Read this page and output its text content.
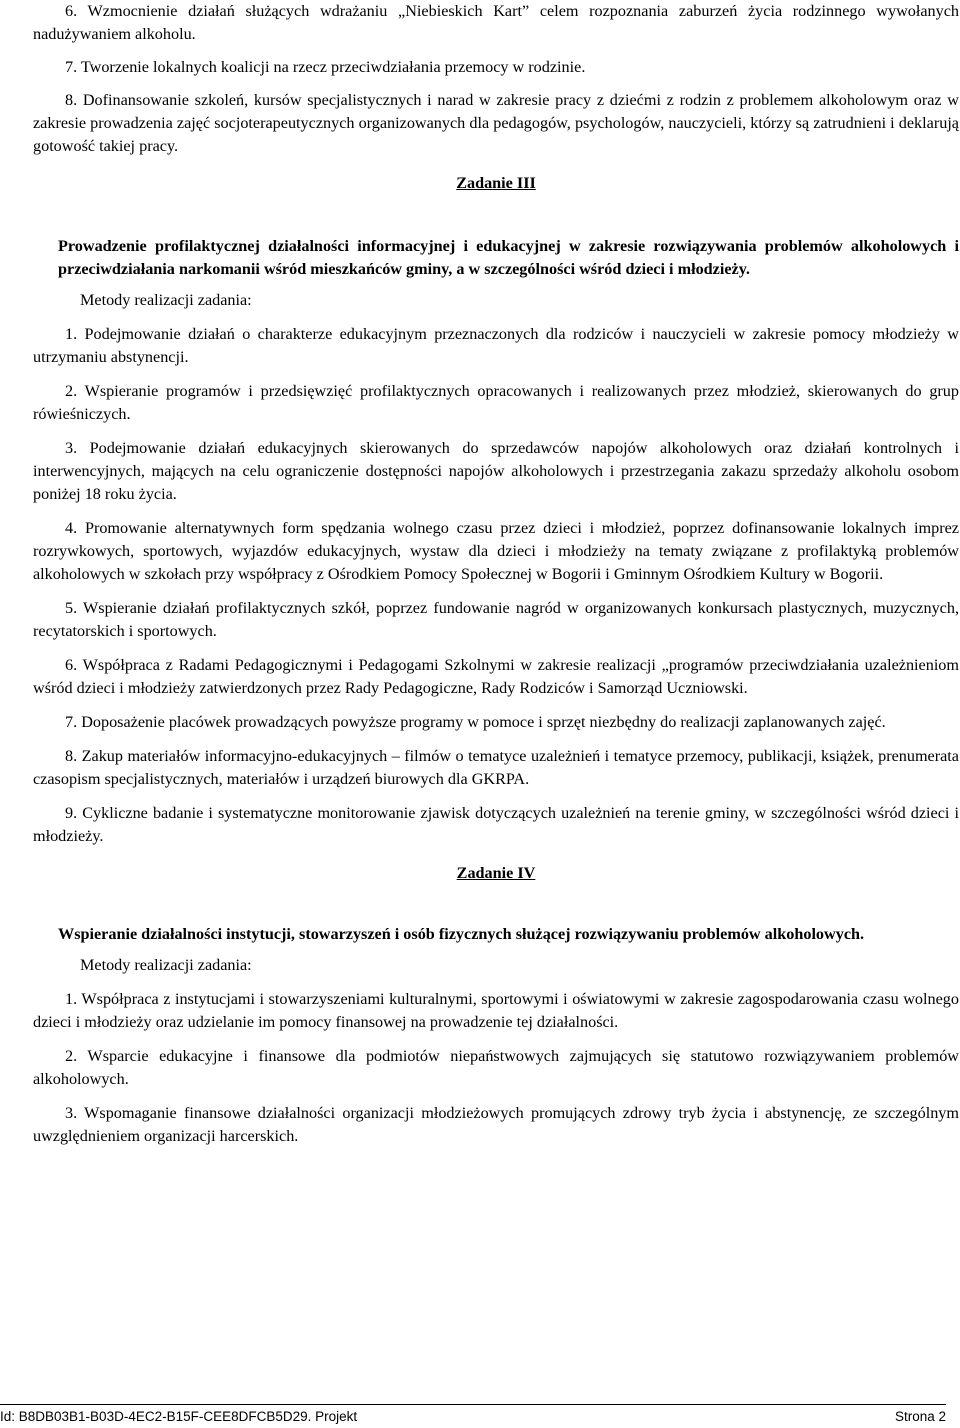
6. Wzmocnienie działań służących wdrażaniu „Niebieskich Kart” celem rozpoznania zaburzeń życia rodzinnego wywołanych nadużywaniem alkoholu.

7. Tworzenie lokalnych koalicji na rzecz przeciwdziałania przemocy w rodzinie.

8. Dofinansowanie szkoleń, kursów specjalistycznych i narad w zakresie pracy z dziećmi z rodzin z problemem alkoholowym oraz w zakresie prowadzenia zajęć socjoterapeutycznych organizowanych dla pedagogów, psychologów, nauczycieli, którzy są zatrudnieni i deklarują gotowość takiej pracy.

Zadanie III

Prowadzenie profilaktycznej działalności informacyjnej i edukacyjnej w zakresie rozwiązywania problemów alkoholowych i przeciwdziałania narkomanii wśród mieszkańców gminy, a w szczególności wśród dzieci i młodzieży.

Metody realizacji zadania:

1. Podejmowanie działań o charakterze edukacyjnym przeznaczonych dla rodziców i nauczycieli w zakresie pomocy młodzieży w utrzymaniu abstynencji.

2. Wspieranie programów i przedsięwzięć profilaktycznych opracowanych i realizowanych przez młodzież, skierowanych do grup rówieśniczych.

3. Podejmowanie działań edukacyjnych skierowanych do sprzedawców napojów alkoholowych oraz działań kontrolnych i interwencyjnych, mających na celu ograniczenie dostępności napojów alkoholowych i przestrzegania zakazu sprzedaży alkoholu osobom poniżej 18 roku życia.

4. Promowanie alternatywnych form spędzania wolnego czasu przez dzieci i młodzież, poprzez dofinansowanie lokalnych imprez rozrywkowych, sportowych, wyjazdów edukacyjnych, wystaw dla dzieci i młodzieży na tematy związane z profilaktyką problemów alkoholowych w szkołach przy współpracy z Ośrodkiem Pomocy Społecznej w Bogorii i Gminnym Ośrodkiem Kultury w Bogorii.

5. Wspieranie działań profilaktycznych szkół, poprzez fundowanie nagród w organizowanych konkursach plastycznych, muzycznych, recytatorskich i sportowych.

6. Współpraca z Radami Pedagogicznymi i Pedagogami Szkolnymi w zakresie realizacji „programów przeciwdziałania uzależnieniom wśród dzieci i młodzieży zatwierdzonych przez Rady Pedagogiczne, Rady Rodziców i Samorząd Uczniowski.

7. Doposażenie placówek prowadzących powyższe programy w pomoce i sprzęt niezbędny do realizacji zaplanowanych zajęć.

8. Zakup materiałów informacyjno-edukacyjnych – filmów o tematyce uzależnień i tematyce przemocy, publikacji, książek, prenumerata czasopism specjalistycznych, materiałów i urządzeń biurowych dla GKRPA.

9. Cykliczne badanie i systematyczne monitorowanie zjawisk dotyczących uzależnień na terenie gminy, w szczególności wśród dzieci i młodzieży.

Zadanie IV

Wspieranie działalności instytucji, stowarzyszeń i osób fizycznych służącej rozwiązywaniu problemów alkoholowych.

Metody realizacji zadania:

1. Współpraca z instytucjami i stowarzyszeniami kulturalnymi, sportowymi i oświatowymi w zakresie zagospodarowania czasu wolnego dzieci i młodzieży oraz udzielanie im pomocy finansowej na prowadzenie tej działalności.

2. Wsparcie edukacyjne i finansowe dla podmiotów niepaństwowych zajmujących się statutowo rozwiązywaniem problemów alkoholowych.

3. Wspomaganie finansowe działalności organizacji młodzieżowych promujących zdrowy tryb życia i abstynencję, ze szczególnym uwzględnieniem organizacji harcerskich.

Id: B8DB03B1-B03D-4EC2-B15F-CEE8DFCB5D29. Projekt	Strona 2
